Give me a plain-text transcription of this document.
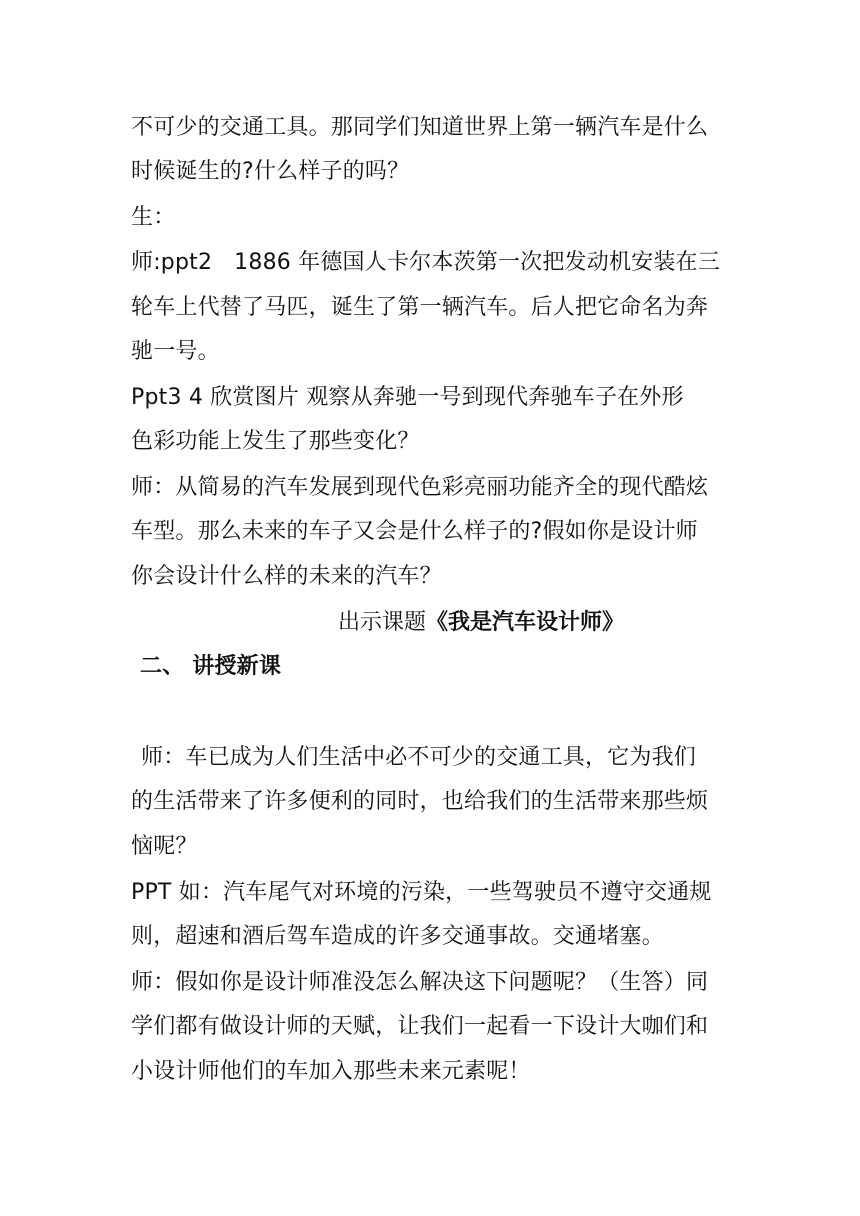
不可少的交通工具。那同学们知道世界上第一辆汽车是什么
时候诞生的?什么样子的吗？
生：
师:ppt2 1886 年德国人卡尔本茨第一次把发动机安装在三
轮车上代替了马匹，诞生了第一辆汽车。后人把它命名为奔
驰一号。
Ppt3 4 欣赏图片 观察从奔驰一号到现代奔驰车子在外形
色彩功能上发生了那些变化？
师：从简易的汽车发展到现代色彩亮丽功能齐全的现代酷炫
车型。那么未来的车子又会是什么样子的?假如你是设计师
你会设计什么样的未来的汽车？
出示课题《我是汽车设计师》
二、 讲授新课
师：车已成为人们生活中必不可少的交通工具，它为我们
的生活带来了许多便利的同时，也给我们的生活带来那些烦
恼呢？
PPT 如：汽车尾气对环境的污染，一些驾驶员不遵守交通规
则，超速和酒后驾车造成的许多交通事故。交通堵塞。
师：假如你是设计师准没怎么解决这下问题呢？（生答）同
学们都有做设计师的天赋，让我们一起看一下设计大咖们和
小设计师他们的车加入那些未来元素呢！
